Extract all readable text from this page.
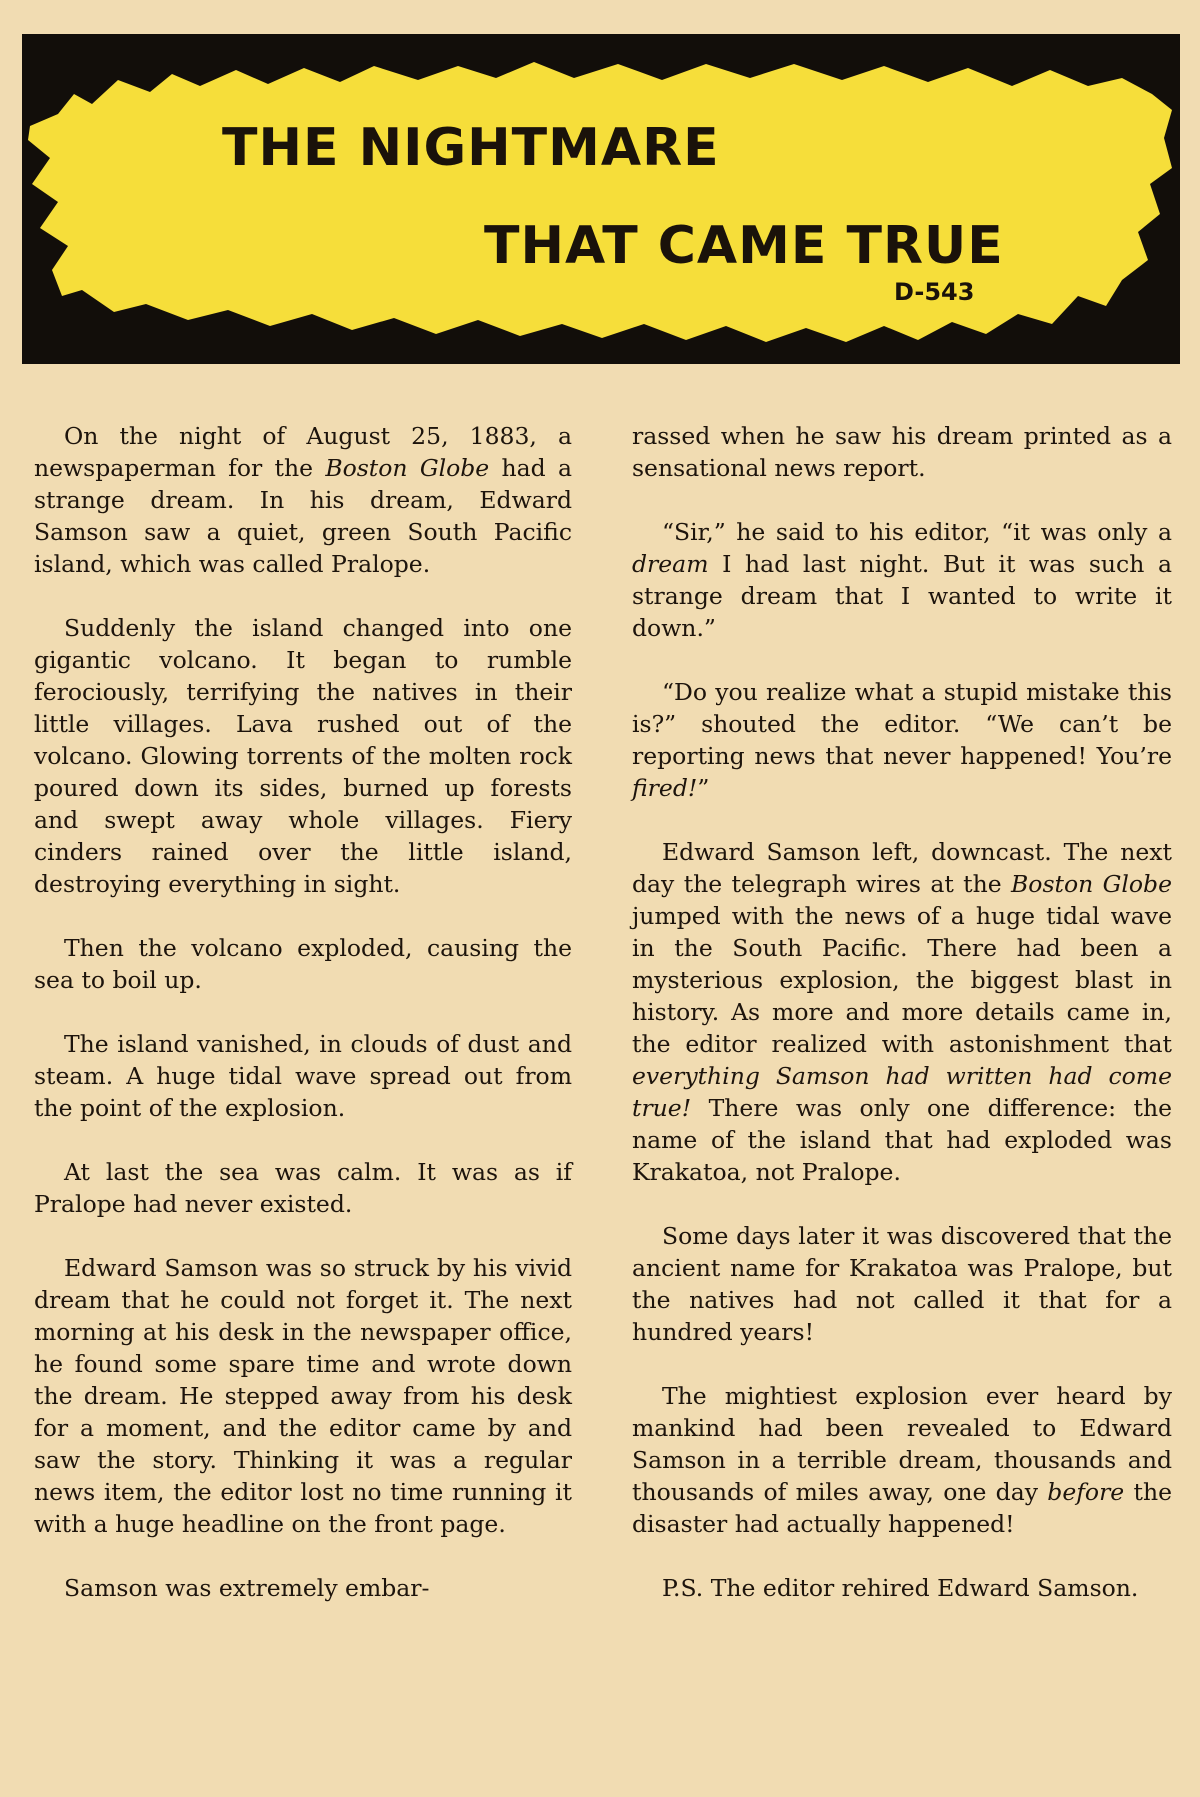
THE NIGHTMARE
THAT CAME TRUE
D-543

On the night of August 25, 1883, a newspaperman for the Boston Globe had a strange dream. In his dream, Edward Samson saw a quiet, green South Pacific island, which was called Pralope.

Suddenly the island changed into one gigantic volcano. It began to rumble ferociously, terrifying the natives in their little villages. Lava rushed out of the volcano. Glowing torrents of the molten rock poured down its sides, burned up forests and swept away whole villages. Fiery cinders rained over the little island, destroying everything in sight.

Then the volcano exploded, causing the sea to boil up.

The island vanished, in clouds of dust and steam. A huge tidal wave spread out from the point of the explosion.

At last the sea was calm. It was as if Pralope had never existed.

Edward Samson was so struck by his vivid dream that he could not forget it. The next morning at his desk in the newspaper office, he found some spare time and wrote down the dream. He stepped away from his desk for a moment, and the editor came by and saw the story. Thinking it was a regular news item, the editor lost no time running it with a huge headline on the front page.

Samson was extremely embar-

rassed when he saw his dream printed as a sensational news report.

“Sir,” he said to his editor, “it was only a dream I had last night. But it was such a strange dream that I wanted to write it down.”

“Do you realize what a stupid mistake this is?” shouted the editor. “We can’t be reporting news that never happened! You’re fired!”

Edward Samson left, downcast. The next day the telegraph wires at the Boston Globe jumped with the news of a huge tidal wave in the South Pacific. There had been a mysterious explosion, the biggest blast in history. As more and more details came in, the editor realized with astonishment that everything Samson had written had come true! There was only one difference: the name of the island that had exploded was Krakatoa, not Pralope.

Some days later it was discovered that the ancient name for Krakatoa was Pralope, but the natives had not called it that for a hundred years!

The mightiest explosion ever heard by mankind had been revealed to Edward Samson in a terrible dream, thousands and thousands of miles away, one day before the disaster had actually happened!

P.S. The editor rehired Edward Samson.
